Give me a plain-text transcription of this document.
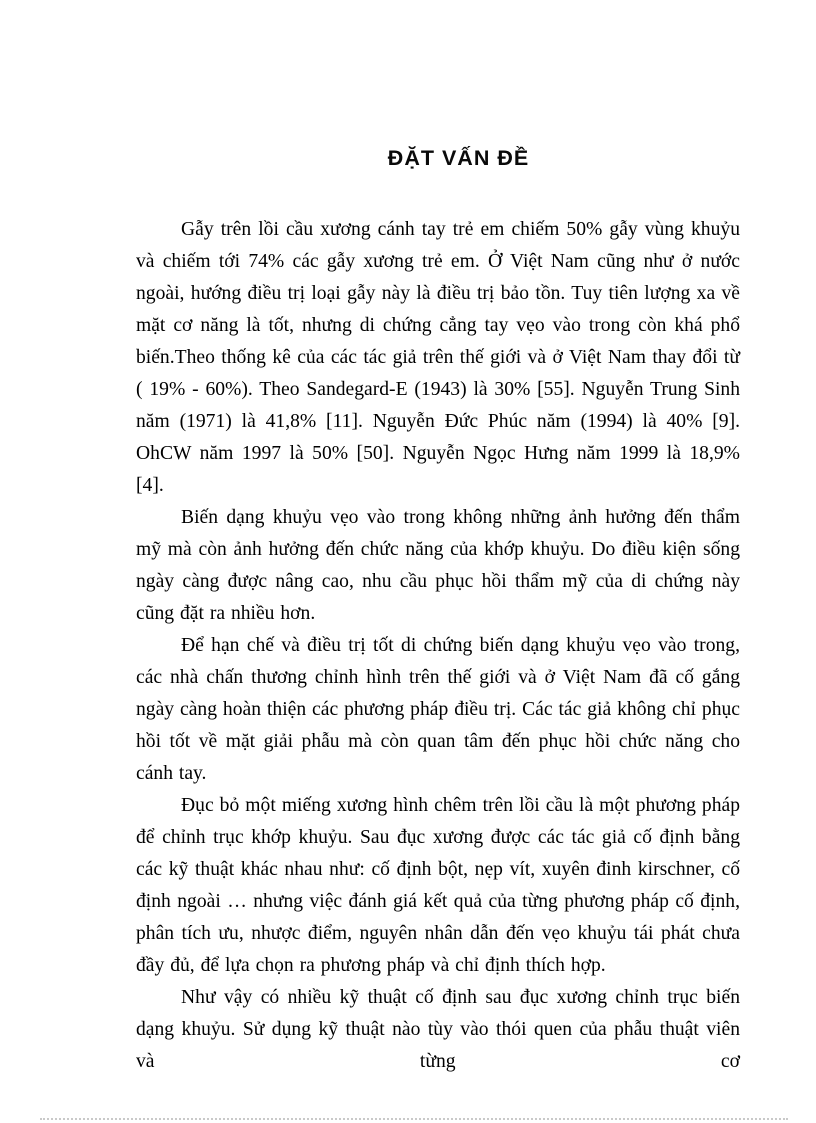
ĐẶT VẤN ĐỀ

Gẫy trên lồi cầu xương cánh tay trẻ em chiếm 50% gẫy vùng khuỷu và chiếm tới 74% các gẫy xương trẻ em. Ở Việt Nam cũng như ở nước ngoài, hướng điều trị loại gẫy này là điều trị bảo tồn. Tuy tiên lượng xa về mặt cơ năng là tốt, nhưng di chứng cẳng tay vẹo vào trong còn khá phổ biến.Theo thống kê của các tác giả trên thế giới và ở Việt Nam thay đổi từ ( 19% - 60%). Theo Sandegard-E (1943) là 30% [55]. Nguyễn Trung Sinh năm (1971) là 41,8% [11]. Nguyễn Đức Phúc năm (1994) là 40% [9]. OhCW năm 1997 là 50% [50]. Nguyễn Ngọc Hưng năm 1999 là 18,9% [4].

Biến dạng khuỷu vẹo vào trong không những ảnh hưởng đến thẩm mỹ mà còn ảnh hưởng đến chức năng của khớp khuỷu. Do điều kiện sống ngày càng được nâng cao, nhu cầu phục hồi thẩm mỹ của di chứng này cũng đặt ra nhiều hơn.

Để hạn chế và điều trị tốt di chứng biến dạng khuỷu vẹo vào trong, các nhà chấn thương chỉnh hình trên thế giới và ở Việt Nam đã cố gắng ngày càng hoàn thiện các phương pháp điều trị. Các tác giả không chỉ phục hồi tốt về mặt giải phẫu mà còn quan tâm đến phục hồi chức năng cho cánh tay.

Đục bỏ một miếng xương hình chêm trên lồi cầu là một phương pháp để chỉnh trục khớp khuỷu. Sau đục xương được các tác giả cố định bằng các kỹ thuật khác nhau như: cố định bột, nẹp vít, xuyên đinh kirschner, cố định ngoài … nhưng việc đánh giá kết quả của từng phương pháp cố định, phân tích ưu, nhược điểm, nguyên nhân dẫn đến vẹo khuỷu tái phát chưa đầy đủ, để lựa chọn ra phương pháp và chỉ định thích hợp.

Như vậy có nhiều kỹ thuật cố định sau đục xương chỉnh trục biến dạng khuỷu. Sử dụng kỹ thuật nào tùy vào thói quen của phẫu thuật viên và từng cơ
